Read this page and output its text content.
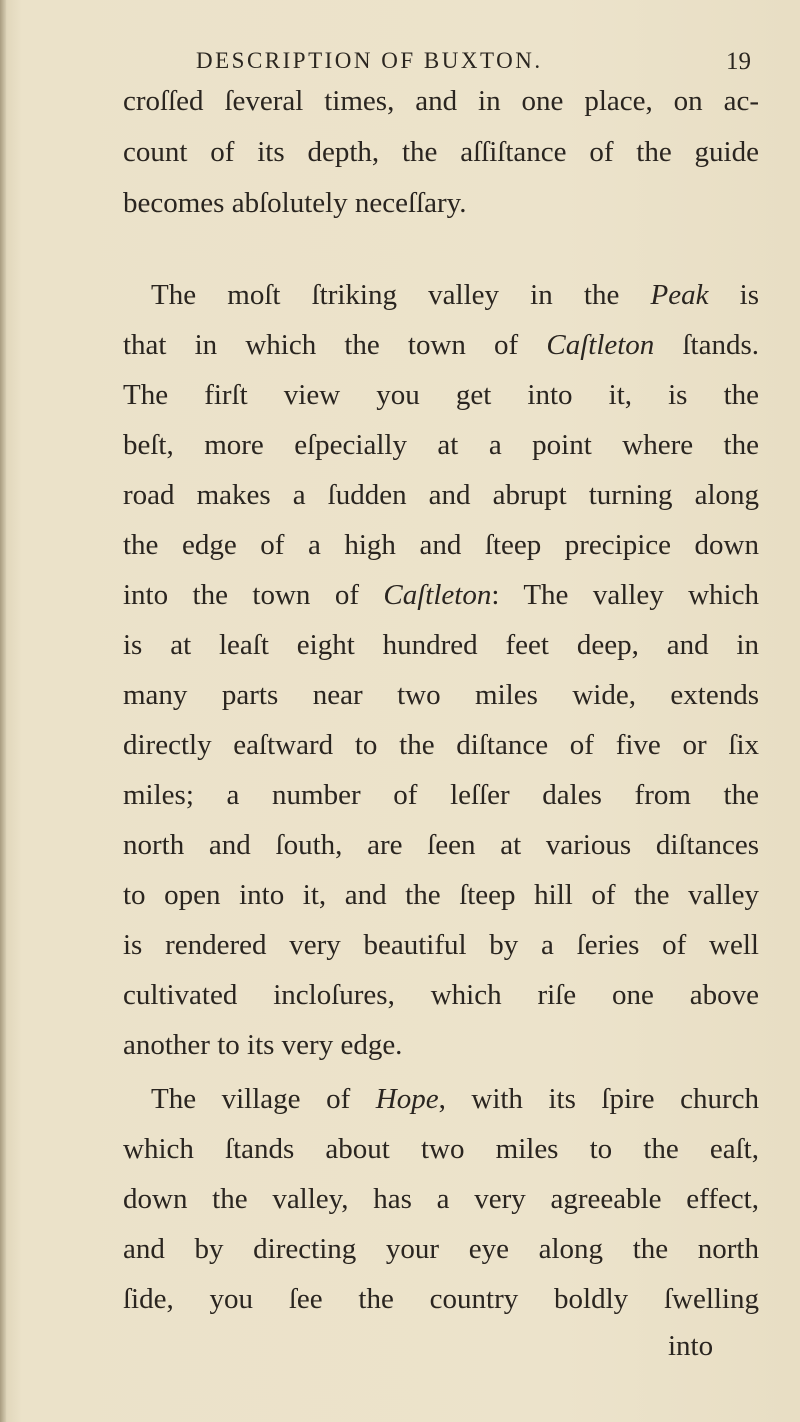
DESCRIPTION OF BUXTON.	19
croſſed ſeveral times, and in one place, on ac-
count of its depth, the aſſiſtance of the guide
becomes abſolutely neceſſary.
The moſt ſtriking valley in the Peak is
that in which the town of Caſtleton ſtands.
The firſt view you get into it, is the
beſt, more eſpecially at a point where the
road makes a ſudden and abrupt turning along
the edge of a high and ſteep precipice down
into the town of Caſtleton: The valley which
is at leaſt eight hundred feet deep, and in
many parts near two miles wide, extends
directly eaſtward to the diſtance of five or ſix
miles; a number of leſſer dales from the
north and ſouth, are ſeen at various diſtances
to open into it, and the ſteep hill of the valley
is rendered very beautiful by a ſeries of well
cultivated incloſures, which riſe one above
another to its very edge.
The village of Hope, with its ſpire church
which ſtands about two miles to the eaſt,
down the valley, has a very agreeable effect,
and by directing your eye along the north
ſide, you ſee the country boldly ſwelling
into
